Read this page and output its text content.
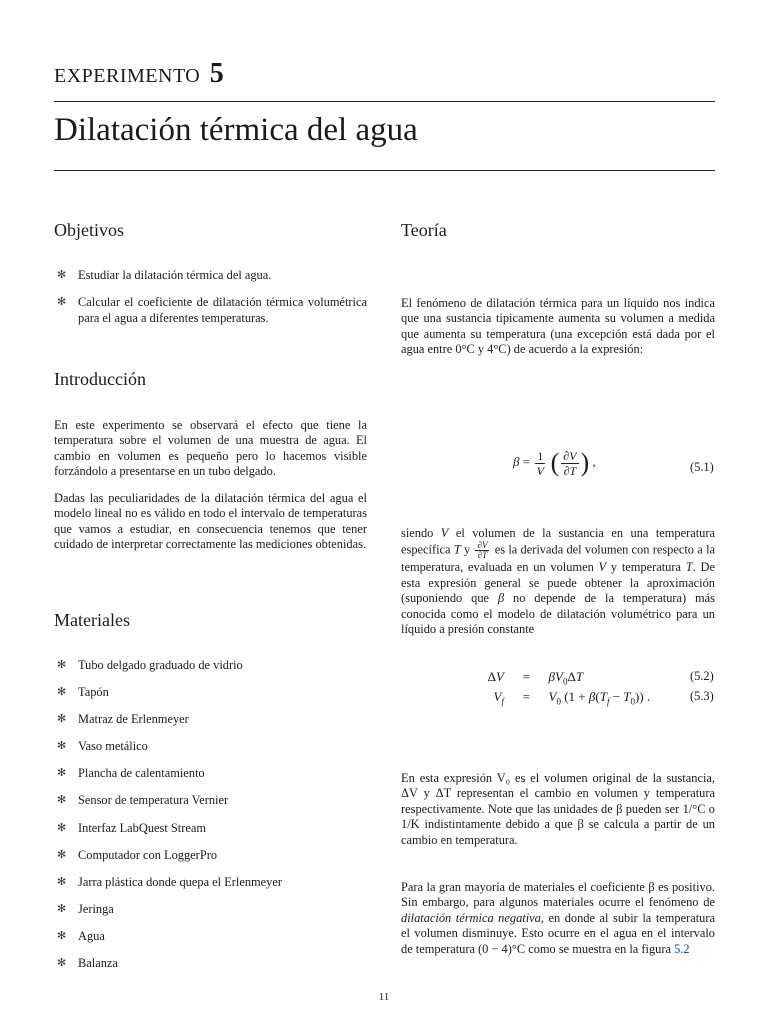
EXPERIMENTO 5
Dilatación térmica del agua
Objetivos
✻ Estudiar la dilatación térmica del agua.
✻ Calcular el coeficiente de dilatación térmica volumétrica para el agua a diferentes temperaturas.
Introducción

En este experimento se observará el efecto que tiene la temperatura sobre el volumen de una muestra de agua. El cambio en volumen es pequeño pero lo hacemos visible forzándolo a presentarse en un tubo delgado.

Dadas las peculiaridades de la dilatación térmica del agua el modelo lineal no es válido en todo el intervalo de temperaturas que vamos a estudiar, en consecuencia tenemos que tener cuidado de interpretar correctamente las mediciones obtenidas.

Materiales
✻ Tubo delgado graduado de vidrio
✻ Tapón
✻ Matraz de Erlenmeyer
✻ Vaso metálico
✻ Plancha de calentamiento
✻ Sensor de temperatura Vernier
✻ Interfaz LabQuest Stream
✻ Computador con LoggerPro
✻ Jarra plástica donde quepa el Erlenmeyer
✻ Jeringa
✻ Agua
✻ Balanza
Teoría

El fenómeno de dilatación térmica para un líquido nos indica que una sustancia típicamente aumenta su volumen a medida que aumenta su temperatura (una excepción está dada por el agua entre 0°C y 4°C) de acuerdo a la expresión:

$\beta = \frac{1}{V}$ ( $\frac{\partial V}{\partial T}$ ) ,	(5.1)

siendo V el volumen de la sustancia en una temperatura específica T y $\frac{\partial V}{\partial T}$ es la derivada del volumen con respecto a la temperatura, evaluada en un volumen V y temperatura T. De esta expresión general se puede obtener la aproximación (suponiendo que β no depende de la temperatura) más conocida como el modelo de dilatación volumétrico para un líquido a presión constante

$\Delta V = \beta V_0\Delta T$	(5.2)
$V_f = V_0$ $(1 + \beta(T_f - T_0))$ .	(5.3)

En esta expresión V₀ es el volumen original de la sustancia, ΔV y ΔT representan el cambio en volumen y temperatura respectivamente. Note que las unidades de β pueden ser 1/°C o 1/K indistintamente debido a que β se calcula a partir de un cambio en temperatura.

Para la gran mayoría de materiales el coeficiente β es positivo. Sin embargo, para algunos materiales ocurre el fenómeno de dilatación térmica negativa, en donde al subir la temperatura el volumen disminuye. Esto ocurre en el agua en el intervalo de temperatura (0 − 4)°C como se muestra en la figura 5.2

11
